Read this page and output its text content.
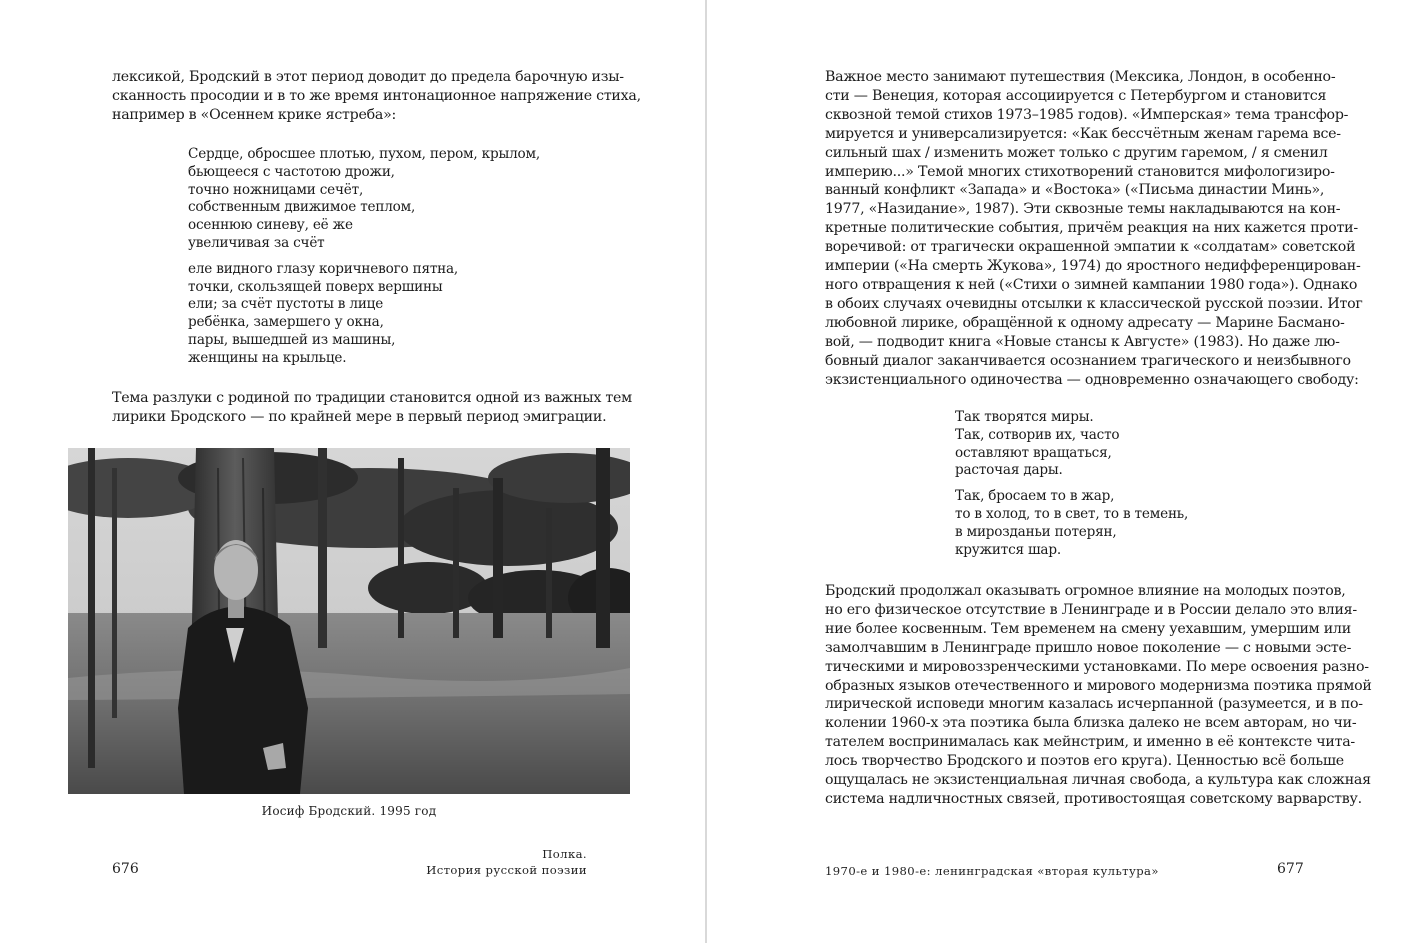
лексикой, Бродский в этот период доводит до предела барочную изы-
сканность просодии и в то же время интонационное напряжение стиха,
например в «Осеннем крике ястреба»:

Сердце, обросшее плотью, пухом, пером, крылом,
бьющееся с частотою дрожи,
точно ножницами сечёт,
собственным движимое теплом,
осеннюю синеву, её же
увеличивая за счёт
еле видного глазу коричневого пятна,
точки, скользящей поверх вершины
ели; за счёт пустоты в лице
ребёнка, замершего у окна,
пары, вышедшей из машины,
женщины на крыльце.

Тема разлуки с родиной по традиции становится одной из важных тем
лирики Бродского — по крайней мере в первый период эмиграции.

Иосиф Бродский. 1995 год
676
Полка.
История русской поэзии

Важное место занимают путешествия (Мексика, Лондон, в особенно-
сти — Венеция, которая ассоциируется с Петербургом и становится
сквозной темой стихов 1973–1985 годов). «Имперская» тема трансфор-
мируется и универсализируется: «Как бессчётным женам гарема все-
сильный шах / изменить может только с другим гаремом, / я сменил
империю...» Темой многих стихотворений становится мифологизиро-
ванный конфликт «Запада» и «Востока» («Письма династии Минь»,
1977, «Назидание», 1987). Эти сквозные темы накладываются на кон-
кретные политические события, причём реакция на них кажется проти-
воречивой: от трагически окрашенной эмпатии к «солдатам» советской
империи («На смерть Жукова», 1974) до яростного недифференцирован-
ного отвращения к ней («Стихи о зимней кампании 1980 года»). Однако
в обоих случаях очевидны отсылки к классической русской поэзии. Итог
любовной лирике, обращённой к одному адресату — Марине Басмано-
вой, — подводит книга «Новые стансы к Августе» (1983). Но даже лю-
бовный диалог заканчивается осознанием трагического и неизбывного
экзистенциального одиночества — одновременно означающего свободу:

Так творятся миры.
Так, сотворив их, часто
оставляют вращаться,
расточая дары.
Так, бросаем то в жар,
то в холод, то в свет, то в темень,
в мирозданьи потерян,
кружится шар.

Бродский продолжал оказывать огромное влияние на молодых поэтов,
но его физическое отсутствие в Ленинграде и в России делало это влия-
ние более косвенным. Тем временем на смену уехавшим, умершим или
замолчавшим в Ленинграде пришло новое поколение — с новыми эсте-
тическими и мировоззренческими установками. По мере освоения разно-
образных языков отечественного и мирового модернизма поэтика прямой
лирической исповеди многим казалась исчерпанной (разумеется, и в по-
колении 1960-х эта поэтика была близка далеко не всем авторам, но чи-
тателем воспринималась как мейнстрим, и именно в её контексте чита-
лось творчество Бродского и поэтов его круга). Ценностью всё больше
ощущалась не экзистенциальная личная свобода, а культура как сложная
система надличностных связей, противостоящая советскому варварству.

1970-е и 1980-е: ленинградская «вторая культура»	677
